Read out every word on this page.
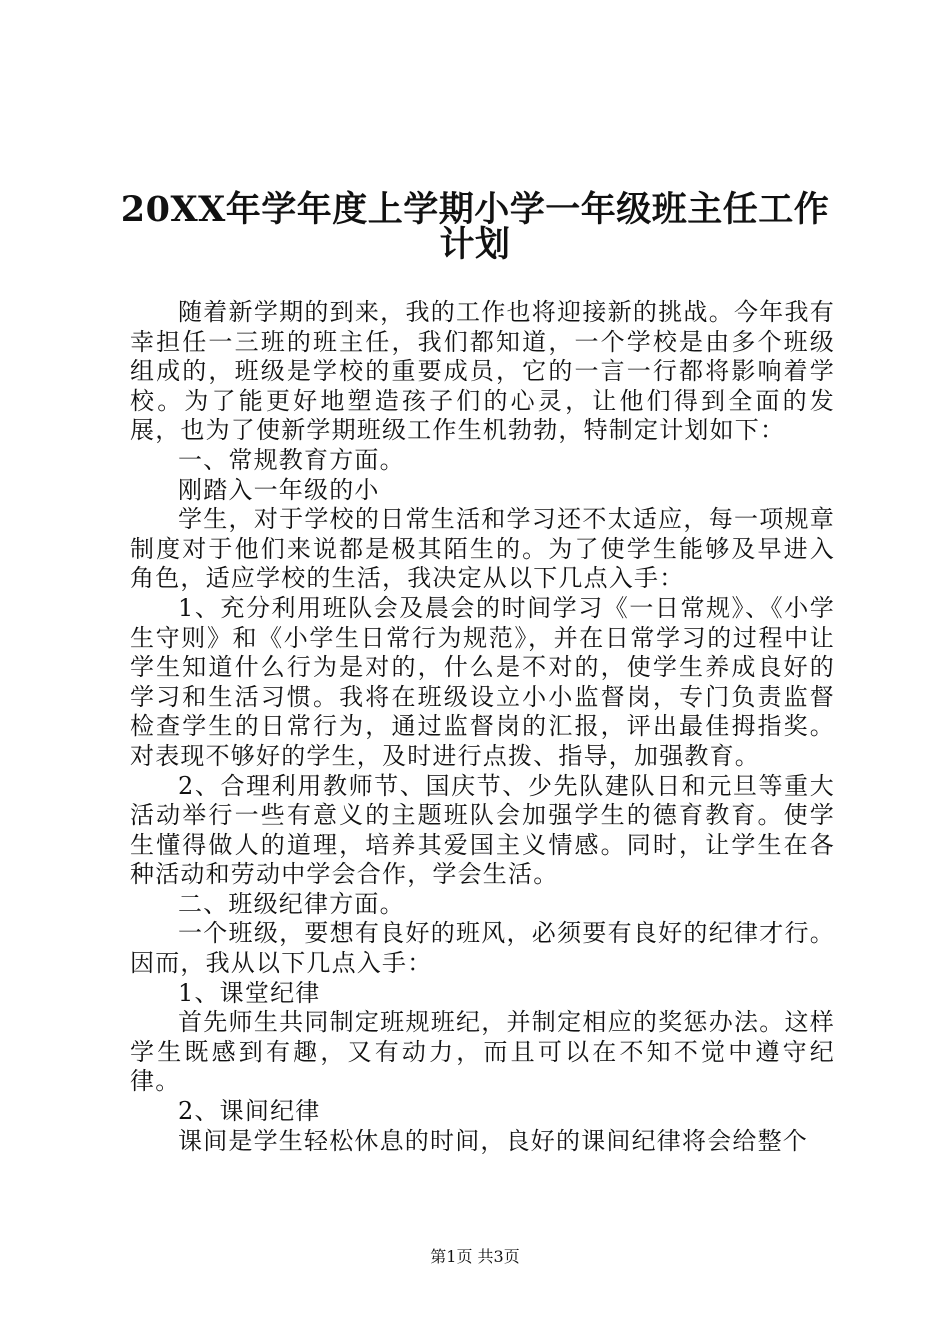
20XX年学年度上学期小学一年级班主任工作
计划

随着新学期的到来，我的工作也将迎接新的挑战。今年我有幸担任一三班的班主任，我们都知道，一个学校是由多个班级组成的，班级是学校的重要成员，它的一言一行都将影响着学校。为了能更好地塑造孩子们的心灵，让他们得到全面的发展，也为了使新学期班级工作生机勃勃，特制定计划如下：

一、常规教育方面。

刚踏入一年级的小

学生，对于学校的日常生活和学习还不太适应，每一项规章制度对于他们来说都是极其陌生的。为了使学生能够及早进入角色，适应学校的生活，我决定从以下几点入手：

1、充分利用班队会及晨会的时间学习《一日常规》、《小学生守则》和《小学生日常行为规范》，并在日常学习的过程中让学生知道什么行为是对的，什么是不对的，使学生养成良好的学习和生活习惯。我将在班级设立小小监督岗，专门负责监督检查学生的日常行为，通过监督岗的汇报，评出最佳拇指奖。对表现不够好的学生，及时进行点拨、指导，加强教育。

2、合理利用教师节、国庆节、少先队建队日和元旦等重大活动举行一些有意义的主题班队会加强学生的德育教育。使学生懂得做人的道理，培养其爱国主义情感。同时，让学生在各种活动和劳动中学会合作，学会生活。

二、班级纪律方面。

一个班级，要想有良好的班风，必须要有良好的纪律才行。因而，我从以下几点入手：

1、课堂纪律

首先师生共同制定班规班纪，并制定相应的奖惩办法。这样学生既感到有趣，又有动力，而且可以在不知不觉中遵守纪律。

2、课间纪律

课间是学生轻松休息的时间，良好的课间纪律将会给整个

第1页 共3页
